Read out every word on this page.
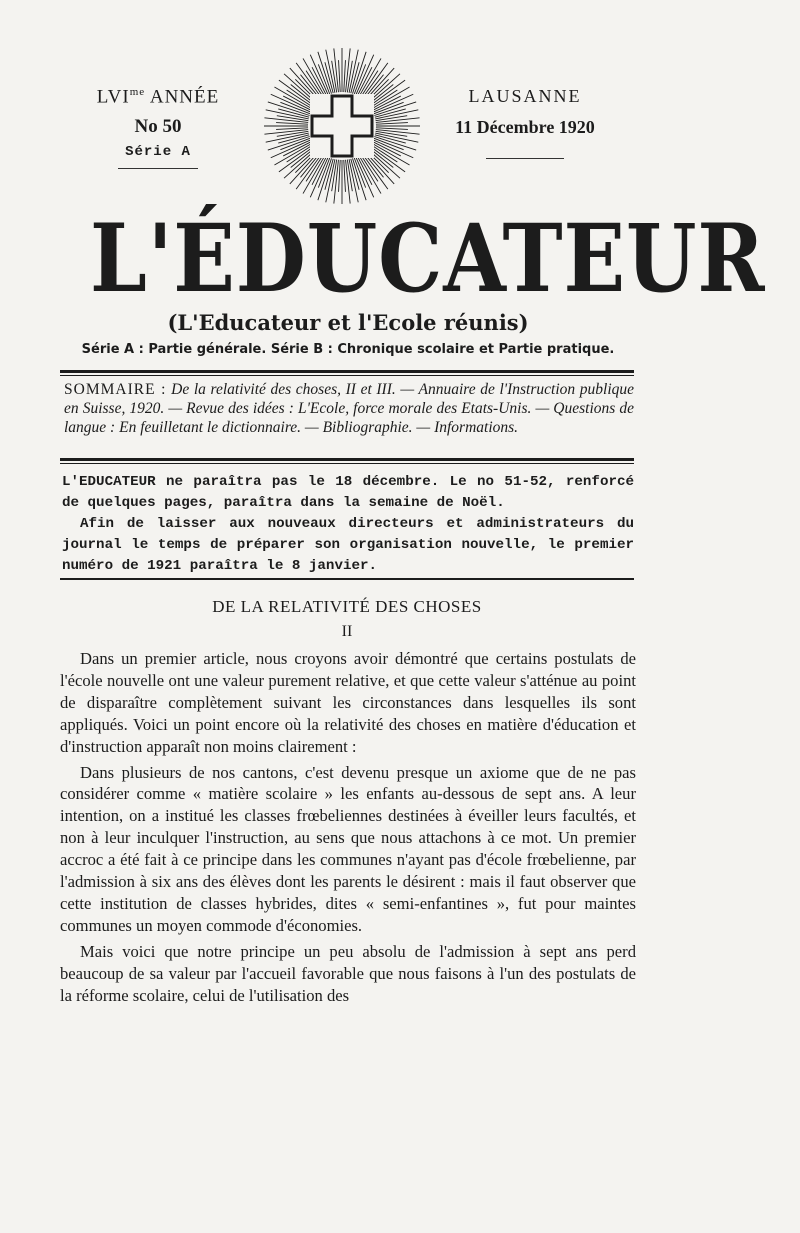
$LVI^{me}$ ANNÉE
No 50
Série A
LAUSANNE
11 Décembre 1920
L'ÉDUCATEUR
(L'Educateur et l'Ecole réunis)
Série A : Partie générale. Série B : Chronique scolaire et Partie pratique.
SOMMAIRE : De la relativité des choses, II et III. — Annuaire de l'Instruction publique en Suisse, 1920. — Revue des idées : L'Ecole, force morale des Etats-Unis. — Questions de langue : En feuilletant le dictionnaire. — Bibliographie. — Informations.

L'EDUCATEUR ne paraîtra pas le 18 décembre. Le no 51-52, renforcé de quelques pages, paraîtra dans la semaine de Noël.

Afin de laisser aux nouveaux directeurs et administrateurs du journal le temps de préparer son organisation nouvelle, le premier numéro de 1921 paraîtra le 8 janvier.

DE LA RELATIVITÉ DES CHOSES
II

Dans un premier article, nous croyons avoir démontré que certains postulats de l'école nouvelle ont une valeur purement relative, et que cette valeur s'atténue au point de disparaître complètement suivant les circonstances dans lesquelles ils sont appliqués. Voici un point encore où la relativité des choses en matière d'éducation et d'instruction apparaît non moins clairement :

Dans plusieurs de nos cantons, c'est devenu presque un axiome que de ne pas considérer comme « matière scolaire » les enfants au-dessous de sept ans. A leur intention, on a institué les classes frœbeliennes destinées à éveiller leurs facultés, et non à leur inculquer l'instruction, au sens que nous attachons à ce mot. Un premier accroc a été fait à ce principe dans les communes n'ayant pas d'école frœbelienne, par l'admission à six ans des élèves dont les parents le désirent : mais il faut observer que cette institution de classes hybrides, dites « semi-enfantines », fut pour maintes communes un moyen commode d'économies.

Mais voici que notre principe un peu absolu de l'admission à sept ans perd beaucoup de sa valeur par l'accueil favorable que nous faisons à l'un des postulats de la réforme scolaire, celui de l'utilisation des
